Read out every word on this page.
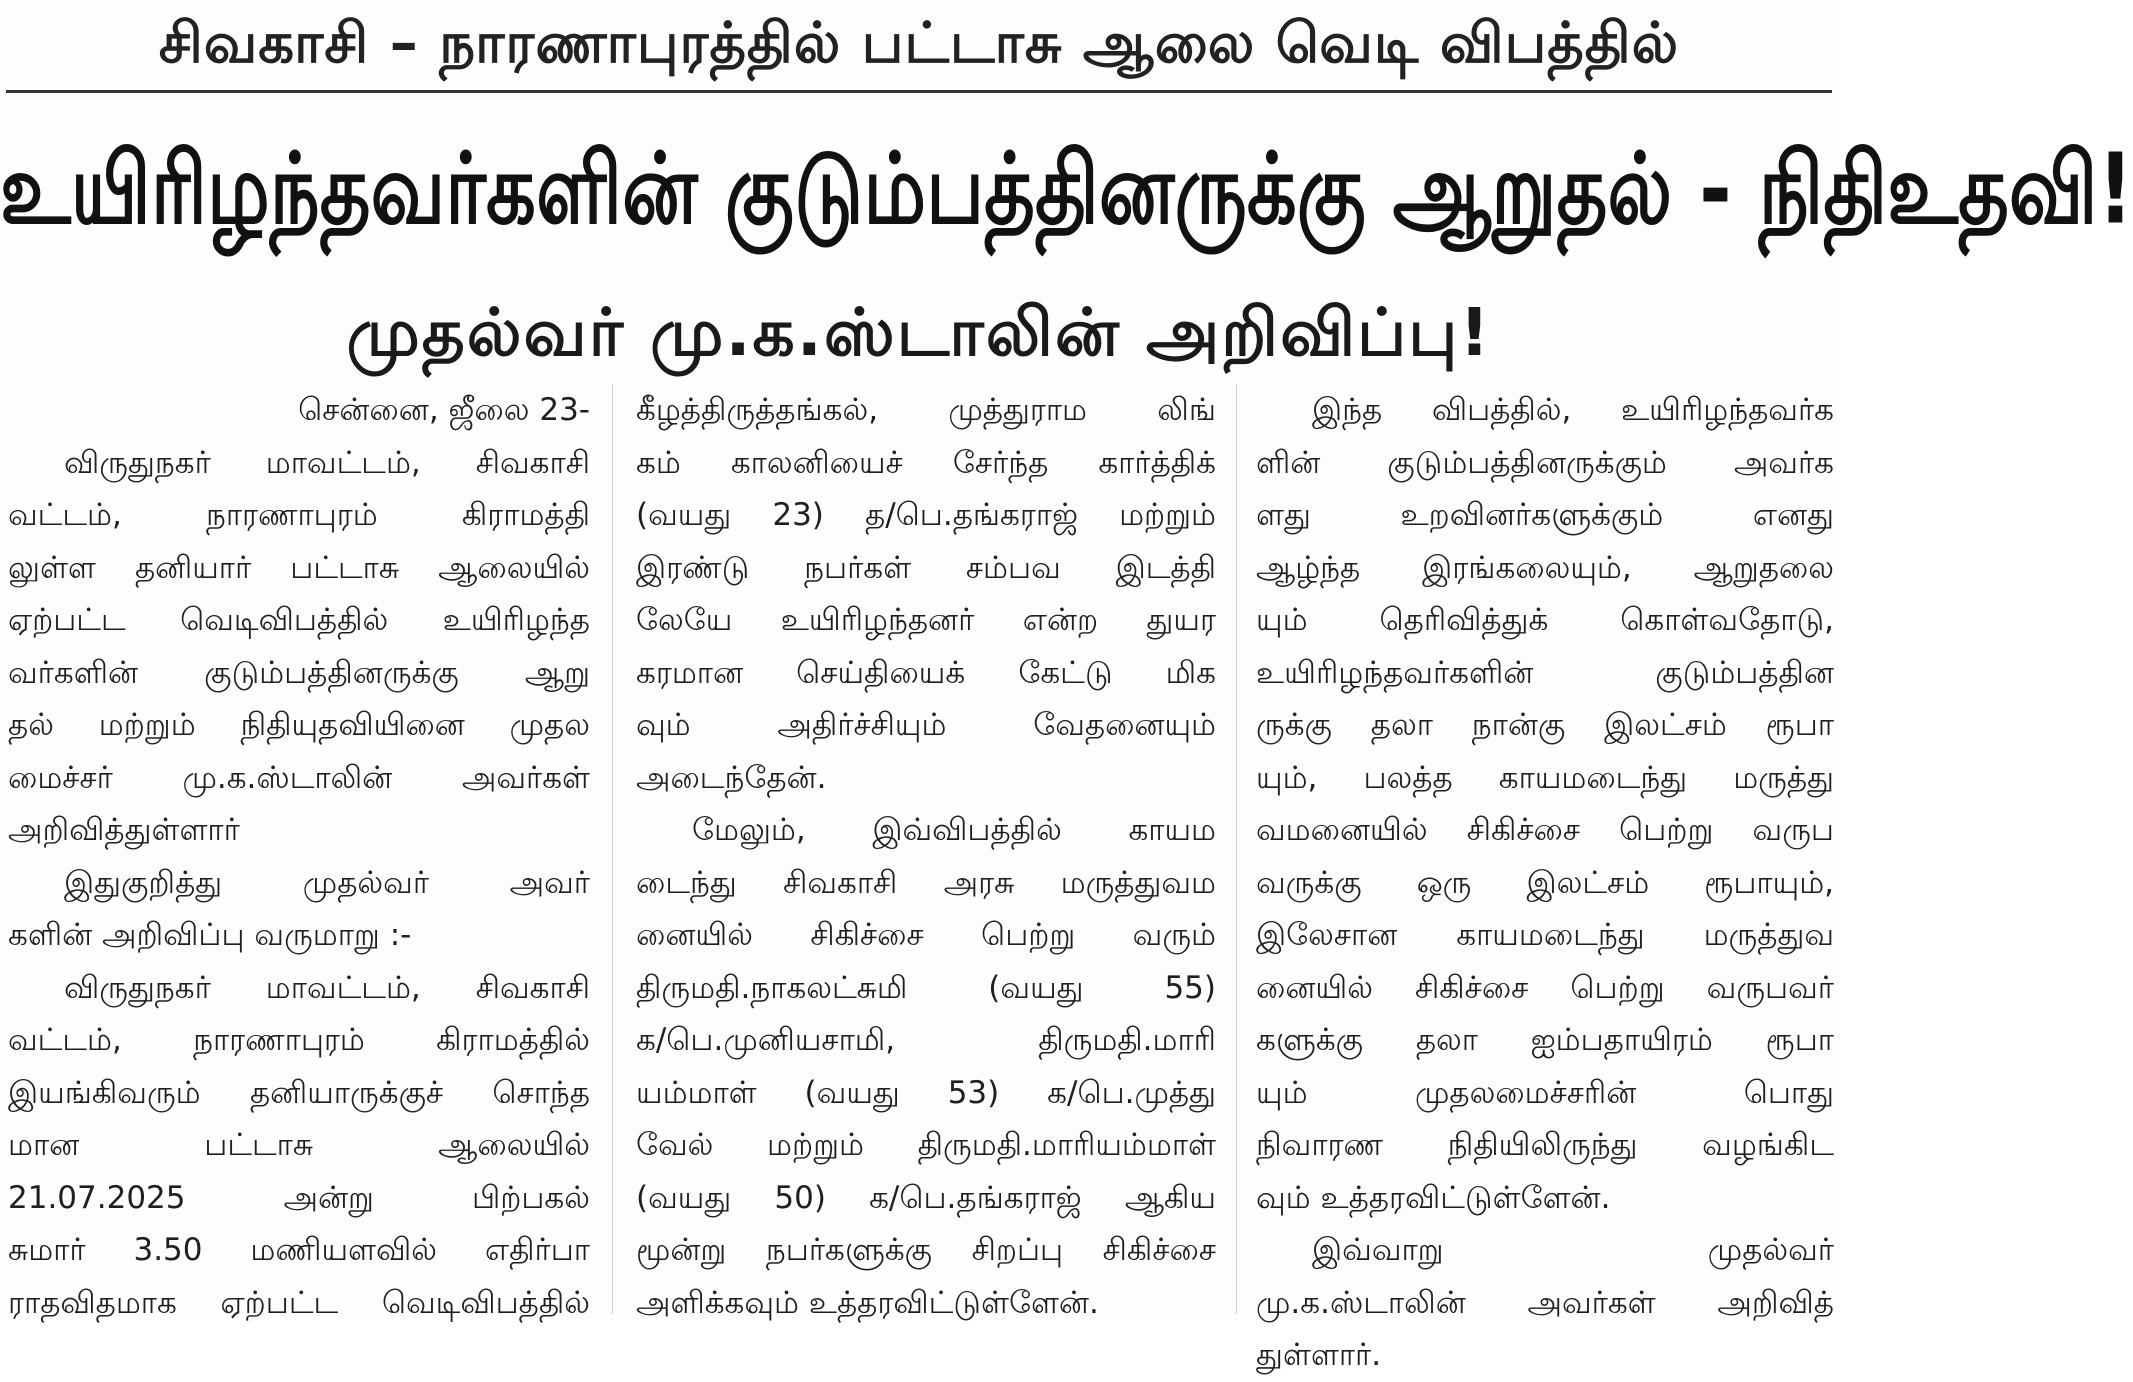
சிவகாசி – நாரணாபுரத்தில் பட்டாசு ஆலை வெடி விபத்தில்
உயிரிழந்தவர்களின் குடும்பத்தினருக்கு ஆறுதல் - நிதிஉதவி!
முதல்வர் மு.க.ஸ்டாலின் அறிவிப்பு!
சென்னை, ஜீலை 23-
விருதுநகர் மாவட்டம், சிவகாசி
வட்டம், நாரணாபுரம் கிராமத்தி
லுள்ள தனியார் பட்டாசு ஆலையில்
ஏற்பட்ட வெடிவிபத்தில் உயிரிழந்த
வர்களின் குடும்பத்தினருக்கு ஆறு
தல் மற்றும் நிதியுதவியினை முதல
மைச்சர் மு.க.ஸ்டாலின் அவர்கள்
அறிவித்துள்ளார்
இதுகுறித்து முதல்வர் அவர்
களின் அறிவிப்பு வருமாறு :-
விருதுநகர் மாவட்டம், சிவகாசி
வட்டம், நாரணாபுரம் கிராமத்தில்
இயங்கிவரும் தனியாருக்குச் சொந்த
மான பட்டாசு ஆலையில்
21.07.2025 அன்று பிற்பகல்
சுமார் 3.50 மணியளவில் எதிர்பா
ராதவிதமாக ஏற்பட்ட வெடிவிபத்தில்
கீழத்திருத்தங்கல், முத்துராம லிங்
கம் காலனியைச் சேர்ந்த கார்த்திக்
(வயது 23) த/பெ.தங்கராஜ் மற்றும்
இரண்டு நபர்கள் சம்பவ இடத்தி
லேயே உயிரிழந்தனர் என்ற துயர
கரமான செய்தியைக் கேட்டு மிக
வும் அதிர்ச்சியும் வேதனையும்
அடைந்தேன்.
மேலும், இவ்விபத்தில் காயம
டைந்து சிவகாசி அரசு மருத்துவம
னையில் சிகிச்சை பெற்று வரும்
திருமதி.நாகலட்சுமி (வயது 55)
க/பெ.முனியசாமி, திருமதி.மாரி
யம்மாள் (வயது 53) க/பெ.முத்து
வேல் மற்றும் திருமதி.மாரியம்மாள்
(வயது 50) க/பெ.தங்கராஜ் ஆகிய
மூன்று நபர்களுக்கு சிறப்பு சிகிச்சை
அளிக்கவும் உத்தரவிட்டுள்ளேன்.
இந்த விபத்தில், உயிரிழந்தவர்க
ளின் குடும்பத்தினருக்கும் அவர்க
ளது உறவினர்களுக்கும் எனது
ஆழ்ந்த இரங்கலையும், ஆறுதலை
யும் தெரிவித்துக் கொள்வதோடு,
உயிரிழந்தவர்களின் குடும்பத்தின
ருக்கு தலா நான்கு இலட்சம் ரூபா
யும், பலத்த காயமடைந்து மருத்து
வமனையில் சிகிச்சை பெற்று வருப
வருக்கு ஒரு இலட்சம் ரூபாயும்,
இலேசான காயமடைந்து மருத்துவ
னையில் சிகிச்சை பெற்று வருபவர்
களுக்கு தலா ஐம்பதாயிரம் ரூபா
யும் முதலமைச்சரின் பொது
நிவாரண நிதியிலிருந்து வழங்கிட
வும் உத்தரவிட்டுள்ளேன்.
இவ்வாறு முதல்வர்
மு.க.ஸ்டாலின் அவர்கள் அறிவித்
துள்ளார்.
